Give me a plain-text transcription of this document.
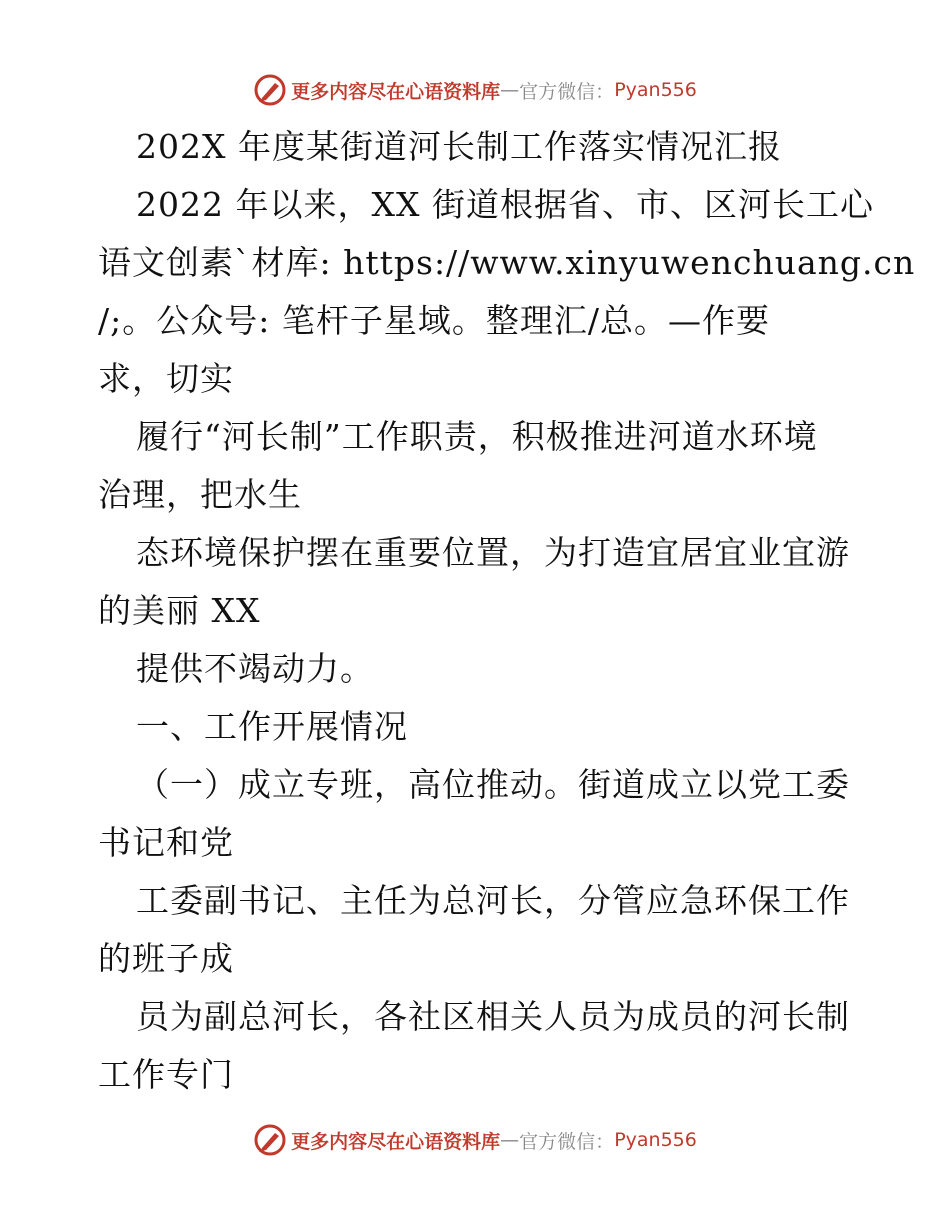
更多内容尽在心语资料库 — 官方微信： Pyan556
202X 年度某街道河长制工作落实情况汇报
2022 年以来，XX 街道根据省、市、区河长工心
语文创素`材库: https://www.xinyuwenchuang.cn
/;。公众号: 笔杆子星域。整理汇/总。—作要
求，切实
履行“河长制”工作职责，积极推进河道水环境
治理，把水生
态环境保护摆在重要位置，为打造宜居宜业宜游
的美丽 XX
提供不竭动力。
一、工作开展情况
（一）成立专班，高位推动。街道成立以党工委
书记和党
工委副书记、主任为总河长，分管应急环保工作
的班子成
员为副总河长，各社区相关人员为成员的河长制
工作专门
更多内容尽在心语资料库 — 官方微信： Pyan556
